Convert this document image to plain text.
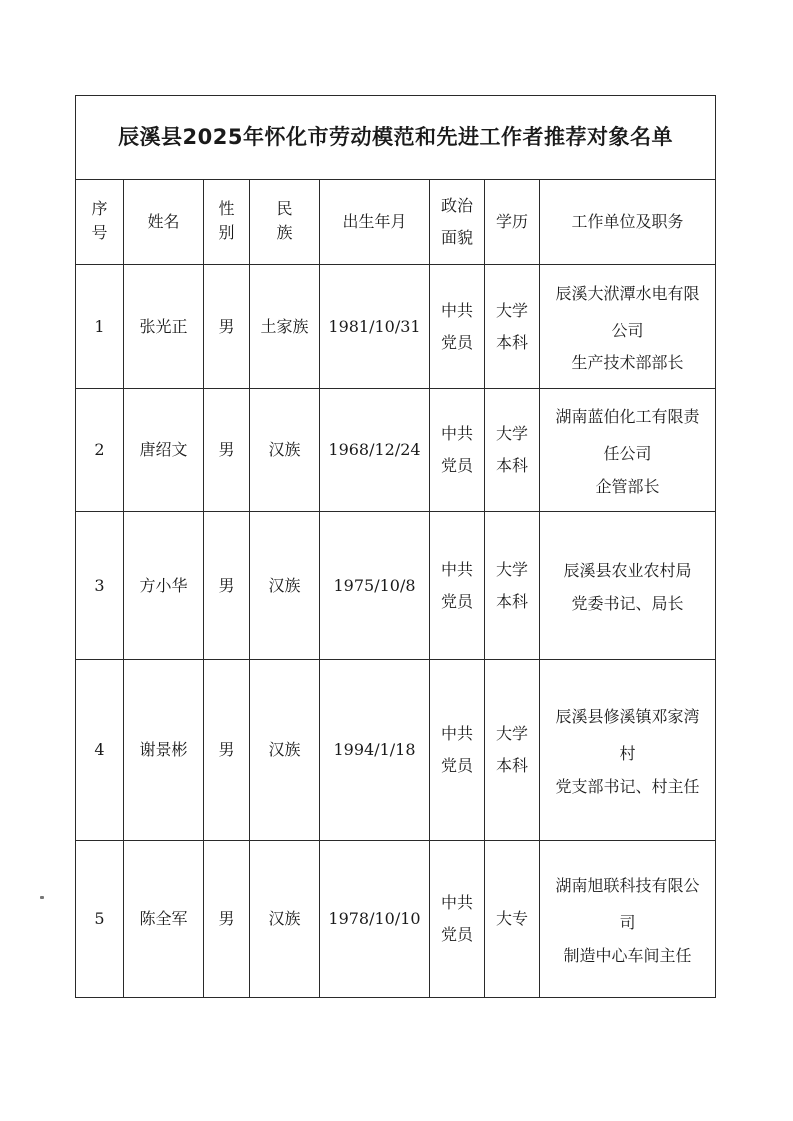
辰溪县2025年怀化市劳动模范和先进工作者推荐对象名单							
序号	姓名	性别	民族	出生年月	政治面貌	学历	工作单位及职务
1	张光正	男	土家族	1981/10/31	中共党员	大学本科	辰溪大洑潭水电有限公司
生产技术部部长
2	唐绍文	男	汉族	1968/12/24	中共党员	大学本科	湖南蓝伯化工有限责任公司
企管部长
3	方小华	男	汉族	1975/10/8	中共党员	大学本科	辰溪县农业农村局
党委书记、局长
4	谢景彬	男	汉族	1994/1/18	中共党员	大学本科	辰溪县修溪镇邓家湾村
党支部书记、村主任
5	陈全军	男	汉族	1978/10/10	中共党员	大专	湖南旭联科技有限公司
制造中心车间主任
